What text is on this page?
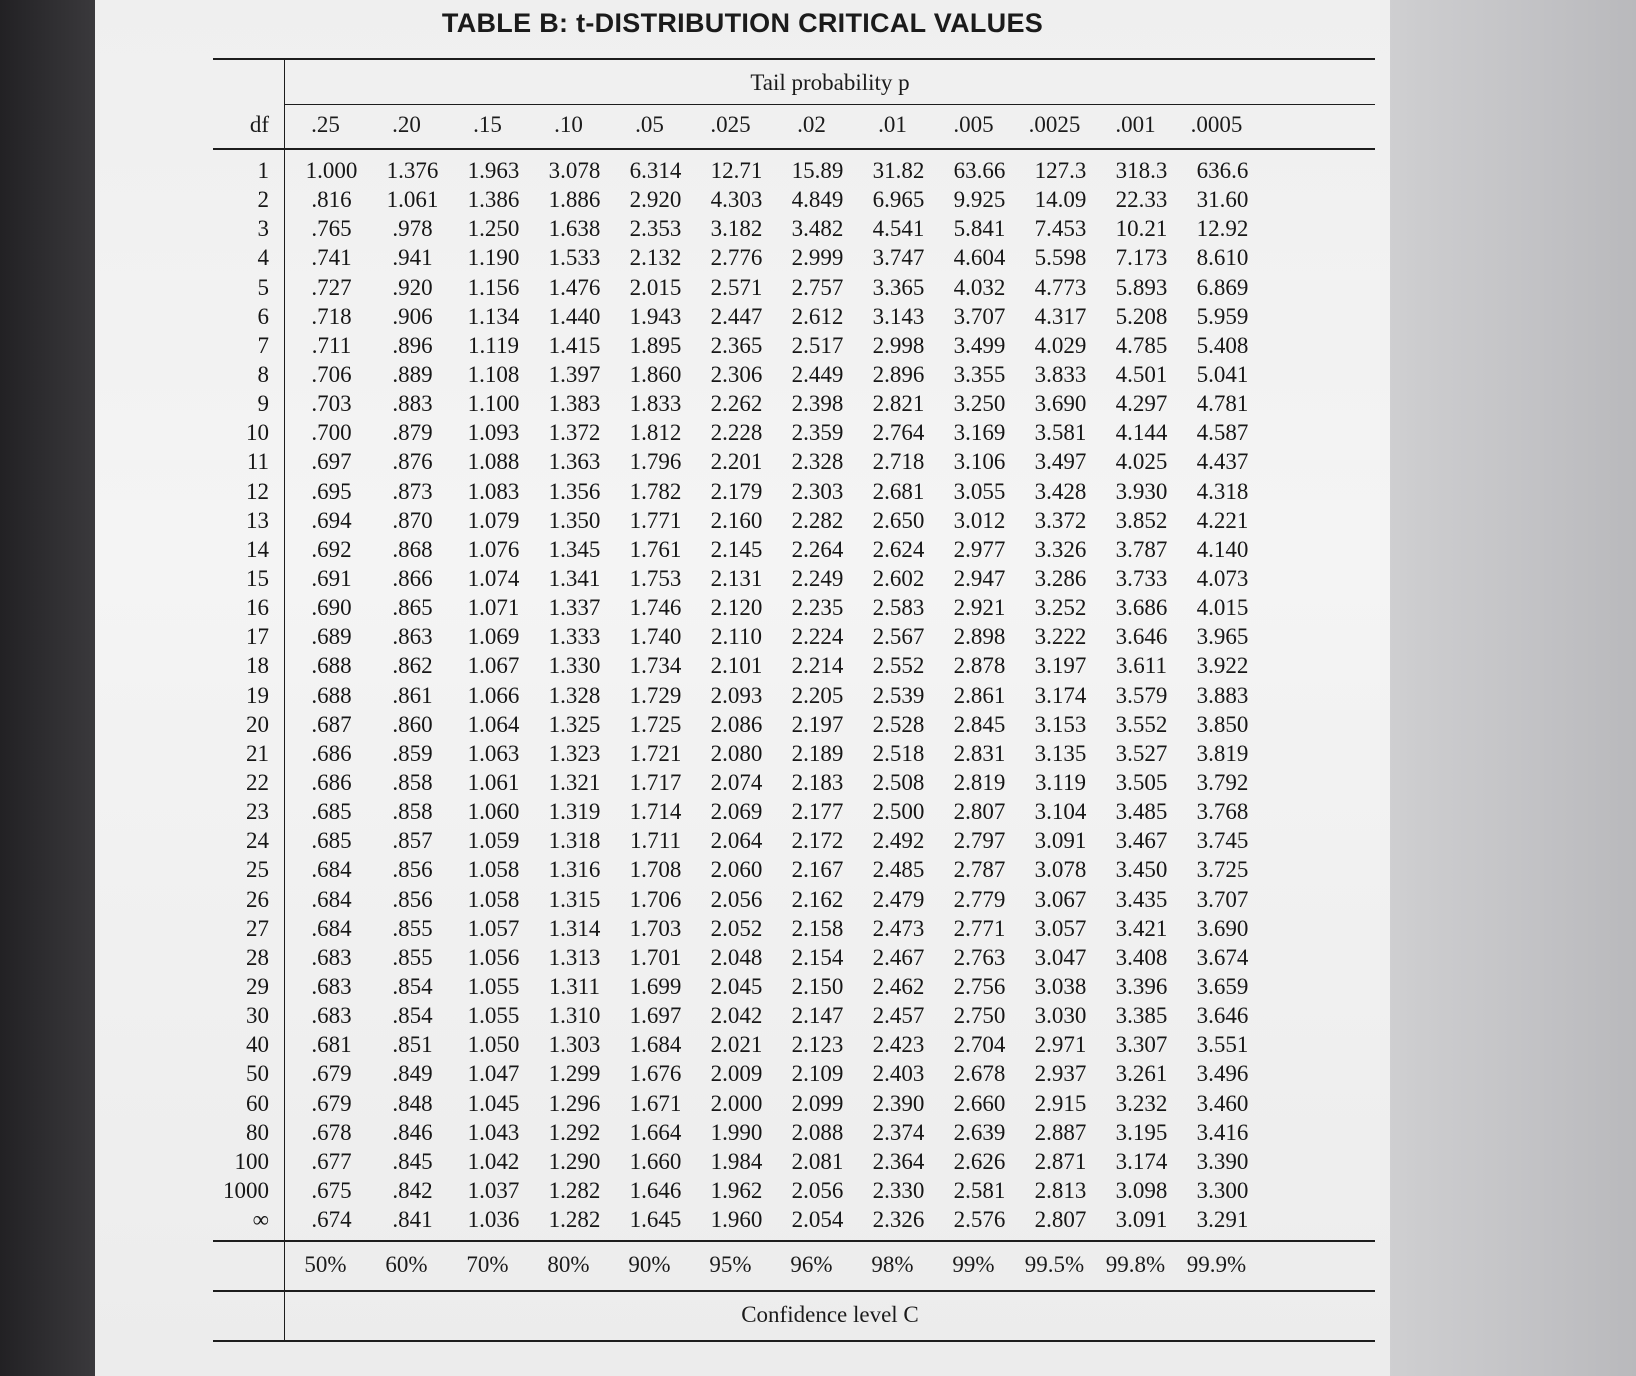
TABLE B: t-DISTRIBUTION CRITICAL VALUES
Tail probability p
df	.25	.20	.15	.10	.05	.025	.02	.01	.005	.0025	.001	.0005
1	1.000	1.376	1.963	3.078	6.314	12.71	15.89	31.82	63.66	127.3	318.3	636.6
2	.816	1.061	1.386	1.886	2.920	4.303	4.849	6.965	9.925	14.09	22.33	31.60
3	.765	.978	1.250	1.638	2.353	3.182	3.482	4.541	5.841	7.453	10.21	12.92
4	.741	.941	1.190	1.533	2.132	2.776	2.999	3.747	4.604	5.598	7.173	8.610
5	.727	.920	1.156	1.476	2.015	2.571	2.757	3.365	4.032	4.773	5.893	6.869
6	.718	.906	1.134	1.440	1.943	2.447	2.612	3.143	3.707	4.317	5.208	5.959
7	.711	.896	1.119	1.415	1.895	2.365	2.517	2.998	3.499	4.029	4.785	5.408
8	.706	.889	1.108	1.397	1.860	2.306	2.449	2.896	3.355	3.833	4.501	5.041
9	.703	.883	1.100	1.383	1.833	2.262	2.398	2.821	3.250	3.690	4.297	4.781
10	.700	.879	1.093	1.372	1.812	2.228	2.359	2.764	3.169	3.581	4.144	4.587
11	.697	.876	1.088	1.363	1.796	2.201	2.328	2.718	3.106	3.497	4.025	4.437
12	.695	.873	1.083	1.356	1.782	2.179	2.303	2.681	3.055	3.428	3.930	4.318
13	.694	.870	1.079	1.350	1.771	2.160	2.282	2.650	3.012	3.372	3.852	4.221
14	.692	.868	1.076	1.345	1.761	2.145	2.264	2.624	2.977	3.326	3.787	4.140
15	.691	.866	1.074	1.341	1.753	2.131	2.249	2.602	2.947	3.286	3.733	4.073
16	.690	.865	1.071	1.337	1.746	2.120	2.235	2.583	2.921	3.252	3.686	4.015
17	.689	.863	1.069	1.333	1.740	2.110	2.224	2.567	2.898	3.222	3.646	3.965
18	.688	.862	1.067	1.330	1.734	2.101	2.214	2.552	2.878	3.197	3.611	3.922
19	.688	.861	1.066	1.328	1.729	2.093	2.205	2.539	2.861	3.174	3.579	3.883
20	.687	.860	1.064	1.325	1.725	2.086	2.197	2.528	2.845	3.153	3.552	3.850
21	.686	.859	1.063	1.323	1.721	2.080	2.189	2.518	2.831	3.135	3.527	3.819
22	.686	.858	1.061	1.321	1.717	2.074	2.183	2.508	2.819	3.119	3.505	3.792
23	.685	.858	1.060	1.319	1.714	2.069	2.177	2.500	2.807	3.104	3.485	3.768
24	.685	.857	1.059	1.318	1.711	2.064	2.172	2.492	2.797	3.091	3.467	3.745
25	.684	.856	1.058	1.316	1.708	2.060	2.167	2.485	2.787	3.078	3.450	3.725
26	.684	.856	1.058	1.315	1.706	2.056	2.162	2.479	2.779	3.067	3.435	3.707
27	.684	.855	1.057	1.314	1.703	2.052	2.158	2.473	2.771	3.057	3.421	3.690
28	.683	.855	1.056	1.313	1.701	2.048	2.154	2.467	2.763	3.047	3.408	3.674
29	.683	.854	1.055	1.311	1.699	2.045	2.150	2.462	2.756	3.038	3.396	3.659
30	.683	.854	1.055	1.310	1.697	2.042	2.147	2.457	2.750	3.030	3.385	3.646
40	.681	.851	1.050	1.303	1.684	2.021	2.123	2.423	2.704	2.971	3.307	3.551
50	.679	.849	1.047	1.299	1.676	2.009	2.109	2.403	2.678	2.937	3.261	3.496
60	.679	.848	1.045	1.296	1.671	2.000	2.099	2.390	2.660	2.915	3.232	3.460
80	.678	.846	1.043	1.292	1.664	1.990	2.088	2.374	2.639	2.887	3.195	3.416
100	.677	.845	1.042	1.290	1.660	1.984	2.081	2.364	2.626	2.871	3.174	3.390
1000	.675	.842	1.037	1.282	1.646	1.962	2.056	2.330	2.581	2.813	3.098	3.300
∞	.674	.841	1.036	1.282	1.645	1.960	2.054	2.326	2.576	2.807	3.091	3.291
50%	60%	70%	80%	90%	95%	96%	98%	99%	99.5% 99.8% 99.9%
Confidence level C
